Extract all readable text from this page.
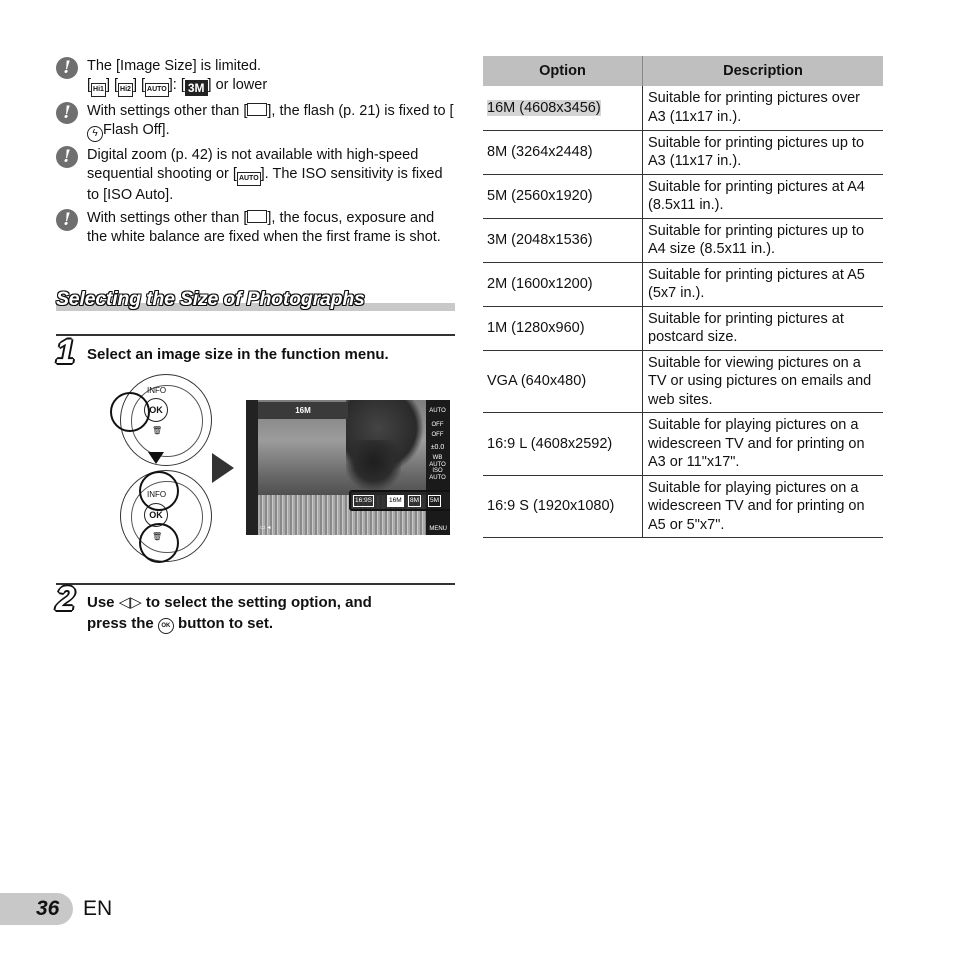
!	The [Image Size] is limited.
[ Hi1 ] [ Hi2 ] [ AUTO ]: [ 3M ] or lower
!	With settings other than [ ], the flash (p. 21) is fixed to [ϟ Flash Off].
!	Digital zoom (p. 42) is not available with high-speed sequential shooting or [ AUTO ]. The ISO sensitivity is fixed to [ISO Auto].
!	With settings other than [ ], the focus, exposure and the white balance are fixed when the first frame is shot.
Selecting the Size of Photographs
1 Select an image size in the function menu.
INFO
OK
🗑
INFO
OK
🗑
16M	AUTO
OFF
OFF
±0.0
WB AUTO
ISO AUTO
16:9S	16M	8M	5M
▭ ◂	MENU
2 Use ◁▷ to select the setting option, and
press the OK button to set.
Option	Description
16M (4608x3456)	Suitable for printing pictures over A3 (11x17 in.).
8M (3264x2448)	Suitable for printing pictures up to A3 (11x17 in.).
5M (2560x1920)	Suitable for printing pictures at A4 (8.5x11 in.).
3M (2048x1536)	Suitable for printing pictures up to A4 size (8.5x11 in.).
2M (1600x1200)	Suitable for printing pictures at A5 (5x7 in.).
1M (1280x960)	Suitable for printing pictures at postcard size.
VGA (640x480)	Suitable for viewing pictures on a TV or using pictures on emails and web sites.
16:9 L (4608x2592)	Suitable for playing pictures on a widescreen TV and for printing on A3 or 11"x17".
16:9 S (1920x1080)	Suitable for playing pictures on a widescreen TV and for printing on A5 or 5"x7".
36 EN
